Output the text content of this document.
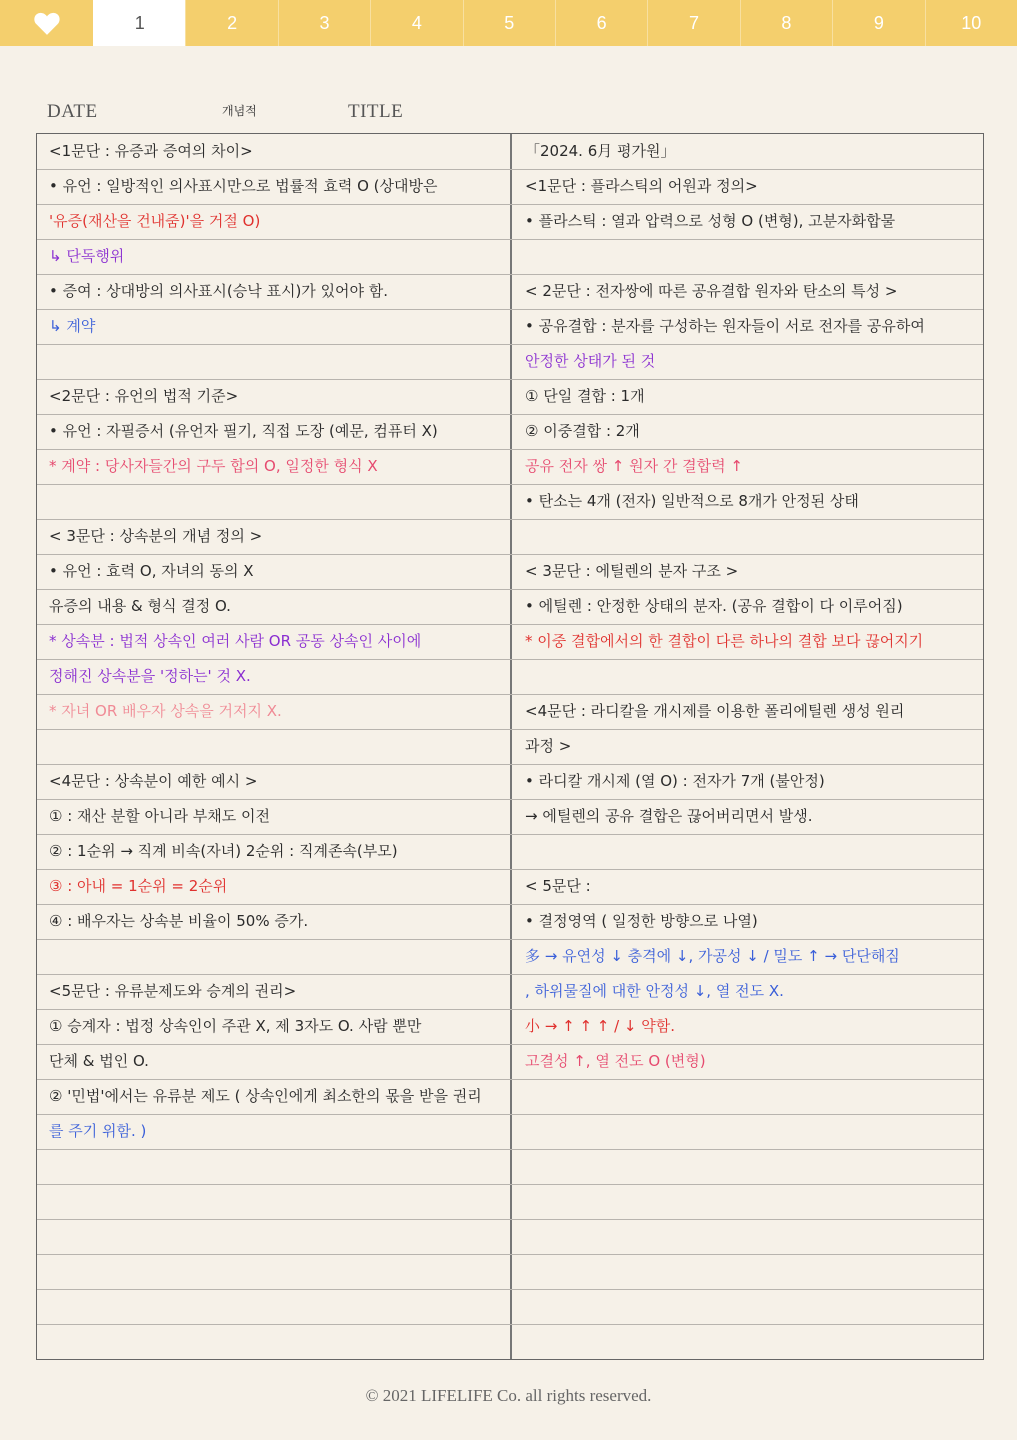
1	2	3	4	5	6	7	8	9	10
DATE	TITLE
개념적
<1문단 : 유증과 증여의 차이>
• 유언 : 일방적인 의사표시만으로 법률적 효력 O (상대방은
'유증(재산을 건내줌)'을 거절 O)
↳ 단독행위
• 증여 : 상대방의 의사표시(승낙 표시)가 있어야 함.
↳ 계약
<2문단 : 유언의 법적 기준>
• 유언 : 자필증서 (유언자 필기, 직접 도장 (예문, 컴퓨터 X)
* 계약 : 당사자들간의 구두 합의 O, 일정한 형식 X
< 3문단 : 상속분의 개념 정의 >
• 유언 : 효력 O, 자녀의 동의 X
유증의 내용 & 형식 결정 O.
* 상속분 : 법적 상속인 여러 사람 OR 공동 상속인 사이에
정해진 상속분을 '정하는' 것 X.
* 자녀 OR 배우자 상속을 거저지 X.
<4문단 : 상속분이 예한 예시 >
① : 재산 분할 아니라 부채도 이전
② : 1순위 → 직계 비속(자녀) 2순위 : 직계존속(부모)
③ : 아내 = 1순위 = 2순위
④ : 배우자는 상속분 비율이 50% 증가.
<5문단 : 유류분제도와 승계의 권리>
① 승계자 : 법정 상속인이 주관 X, 제 3자도 O. 사람 뿐만
단체 & 법인 O.
② '민법'에서는 유류분 제도 ( 상속인에게 최소한의 몫을 받을 권리
를 주기 위함. )
「2024. 6月 평가원」
<1문단 : 플라스틱의 어원과 정의>
• 플라스틱 : 열과 압력으로 성형 O (변형), 고분자화합물
< 2문단 : 전자쌍에 따른 공유결합 원자와 탄소의 특성 >
• 공유결합 : 분자를 구성하는 원자들이 서로 전자를 공유하여
안정한 상태가 된 것
① 단일 결합 : 1개
② 이중결합 : 2개
공유 전자 쌍 ↑ 원자 간 결합력 ↑
• 탄소는 4개 (전자) 일반적으로 8개가 안정된 상태
< 3문단 : 에틸렌의 분자 구조 >
• 에틸렌 : 안정한 상태의 분자. (공유 결합이 다 이루어짐)
* 이중 결합에서의 한 결합이 다른 하나의 결합 보다 끊어지기
<4문단 : 라디칼을 개시제를 이용한 폴리에틸렌 생성 원리
과정 >
• 라디칼 개시제 (열 O) : 전자가 7개 (불안정)
→ 에틸렌의 공유 결합은 끊어버리면서 발생.
< 5문단 :
• 결정영역 ( 일정한 방향으로 나열)
多 → 유연성 ↓ 충격에 ↓, 가공성 ↓ / 밀도 ↑ → 단단해짐
, 하위물질에 대한 안정성 ↓, 열 전도 X.
小 → ↑ ↑ ↑ / ↓ 약함.
고결성 ↑, 열 전도 O (변형)
© 2021 LIFELIFE Co. all rights reserved.
